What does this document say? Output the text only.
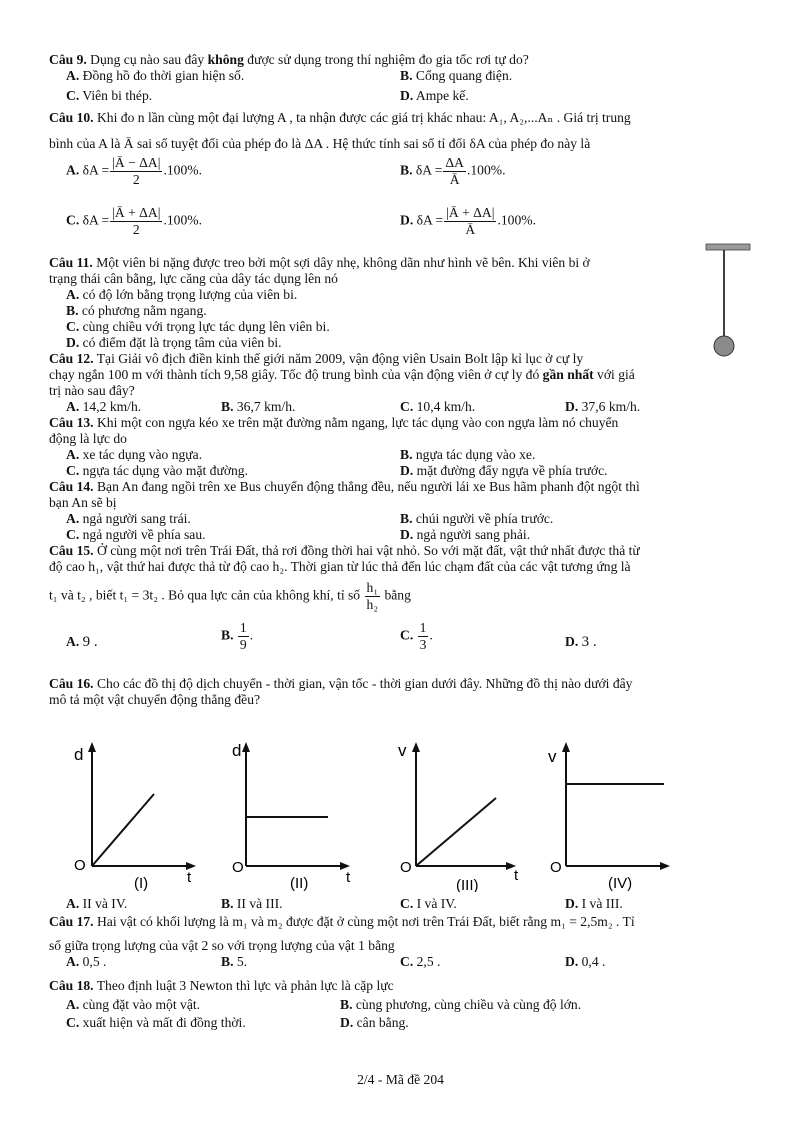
Câu 9. Dụng cụ nào sau đây không được sử dụng trong thí nghiệm đo gia tốc rơi tự do?
A. Đồng hồ đo thời gian hiện số.	B. Cổng quang điện.
C. Viên bi thép.	D. Ampe kế.
Câu 10. Khi đo n lần cùng một đại lượng A , ta nhận được các giá trị khác nhau: A₁, A₂,...Aₙ . Giá trị trung
bình của A là Ā sai số tuyệt đối của phép đo là ΔA . Hệ thức tính sai số tỉ đối δA của phép đo này là
A. $\delta A = \frac{|Ā - \Delta A|}{2} .100\%$.	B. $\delta A = \frac{\Delta A}{Ā} .100\%$.
C. $\delta A = \frac{|Ā + \Delta A|}{2} .100\%$.	D. $\delta A = \frac{|Ā + \Delta A|}{Ā} .100\%$.
Câu 11. Một viên bi nặng được treo bởi một sợi dây nhẹ, không dãn như hình vẽ bên. Khi viên bi ở
trạng thái cân bằng, lực căng của dây tác dụng lên nó
A. có độ lớn bằng trọng lượng của viên bi.
B. có phương nằm ngang.
C. cùng chiều với trọng lực tác dụng lên viên bi.
D. có điểm đặt là trọng tâm của viên bi.
Câu 12. Tại Giải vô địch điền kinh thế giới năm 2009, vận động viên Usain Bolt lập kỉ lục ở cự ly
chạy ngắn 100 m với thành tích 9,58 giây. Tốc độ trung bình của vận động viên ở cự ly đó gần nhất với giá
trị nào sau đây?
A. 14,2 km/h.	B. 36,7 km/h.	C. 10,4 km/h.	D. 37,6 km/h.
Câu 13. Khi một con ngựa kéo xe trên mặt đường nằm ngang, lực tác dụng vào con ngựa làm nó chuyển
động là lực do
A. xe tác dụng vào ngựa.	B. ngựa tác dụng vào xe.
C. ngựa tác dụng vào mặt đường.	D. mặt đường đẩy ngựa về phía trước.
Câu 14. Bạn An đang ngồi trên xe Bus chuyển động thẳng đều, nếu người lái xe Bus hãm phanh đột ngột thì
bạn An sẽ bị
A. ngả người sang trái.	B. chúi người về phía trước.
C. ngả người về phía sau.	D. ngả người sang phải.
Câu 15. Ở cùng một nơi trên Trái Đất, thả rơi đồng thời hai vật nhỏ. So với mặt đất, vật thứ nhất được thả từ
độ cao h₁, vật thứ hai được thả từ độ cao h₂. Thời gian từ lúc thả đến lúc chạm đất của các vật tương ứng là
t₁ và t₂ , biết t₁ = 3t₂ . Bỏ qua lực cản của không khí, tỉ số $\frac{\text{h₁}}{\text{h₂}}$ bằng
A. 9 .	B. $\frac{1}{9}$ .	C. $\frac{1}{3}$ .	D. 3 .
Câu 16. Cho các đồ thị độ dịch chuyển - thời gian, vận tốc - thời gian dưới đây. Những đồ thị nào dưới đây
mô tả một vật chuyển động thẳng đều?
d
O
t
(I)
d
O
t
(II)
v
O	t
(III)
v
O
(IV)
A. II và IV.	B. II và III.	C. I và IV.	D. I và III.
Câu 17. Hai vật có khối lượng là m₁ và m₂ được đặt ở cùng một nơi trên Trái Đất, biết rằng m₁ = 2,5m₂ . Tỉ
số giữa trọng lượng của vật 2 so với trọng lượng của vật 1 bằng
A. 0,5 .	B. 5.	C. 2,5 .	D. 0,4 .
Câu 18. Theo định luật 3 Newton thì lực và phản lực là cặp lực
A. cùng đặt vào một vật.	B. cùng phương, cùng chiều và cùng độ lớn.
C. xuất hiện và mất đi đồng thời.	D. cân bằng.
2/4 - Mã đề 204
